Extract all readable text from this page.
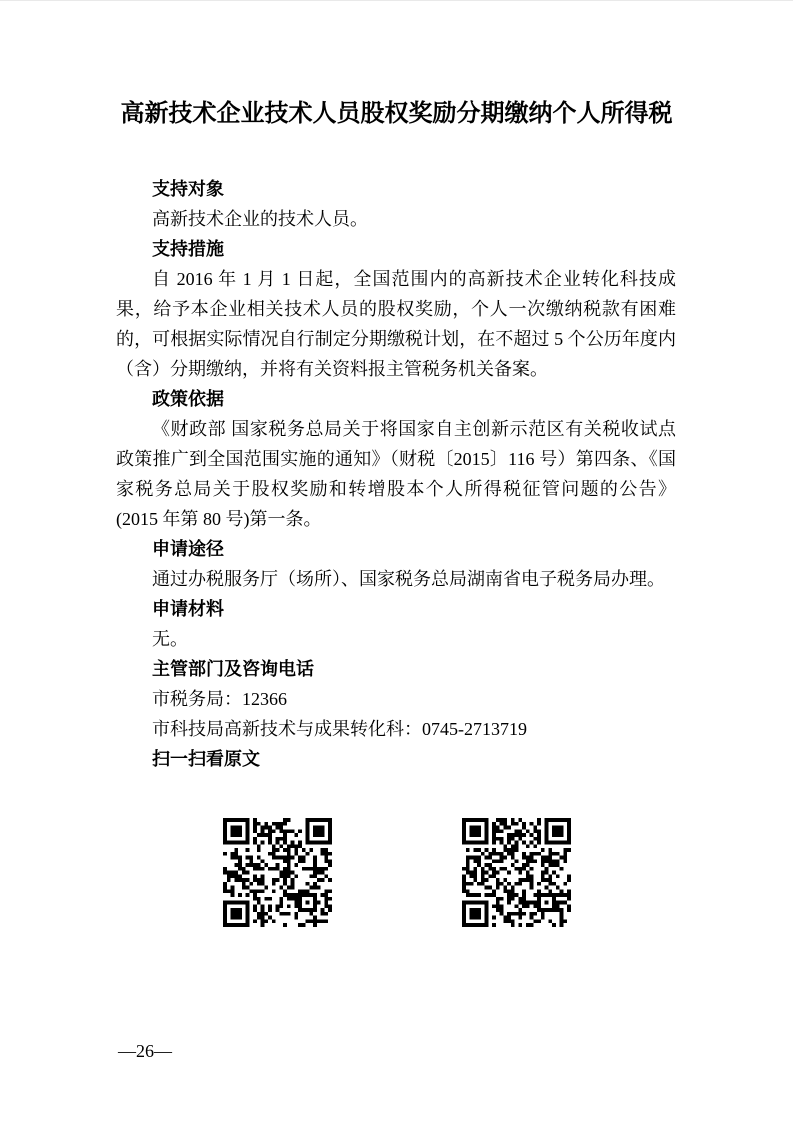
高新技术企业技术人员股权奖励分期缴纳个人所得税
支持对象
高新技术企业的技术人员。
支持措施
自 2016 年 1 月 1 日起，全国范围内的高新技术企业转化科技成果，给予本企业相关技术人员的股权奖励，个人一次缴纳税款有困难的，可根据实际情况自行制定分期缴税计划，在不超过 5 个公历年度内（含）分期缴纳，并将有关资料报主管税务机关备案。
政策依据
《财政部 国家税务总局关于将国家自主创新示范区有关税收试点政策推广到全国范围实施的通知》（财税〔2015〕116 号）第四条、《国家税务总局关于股权奖励和转增股本个人所得税征管问题的公告》(2015 年第 80 号)第一条。
申请途径
通过办税服务厅（场所）、国家税务总局湖南省电子税务局办理。
申请材料
无。
主管部门及咨询电话
市税务局：12366
市科技局高新技术与成果转化科：0745-2713719
扫一扫看原文
—26—
